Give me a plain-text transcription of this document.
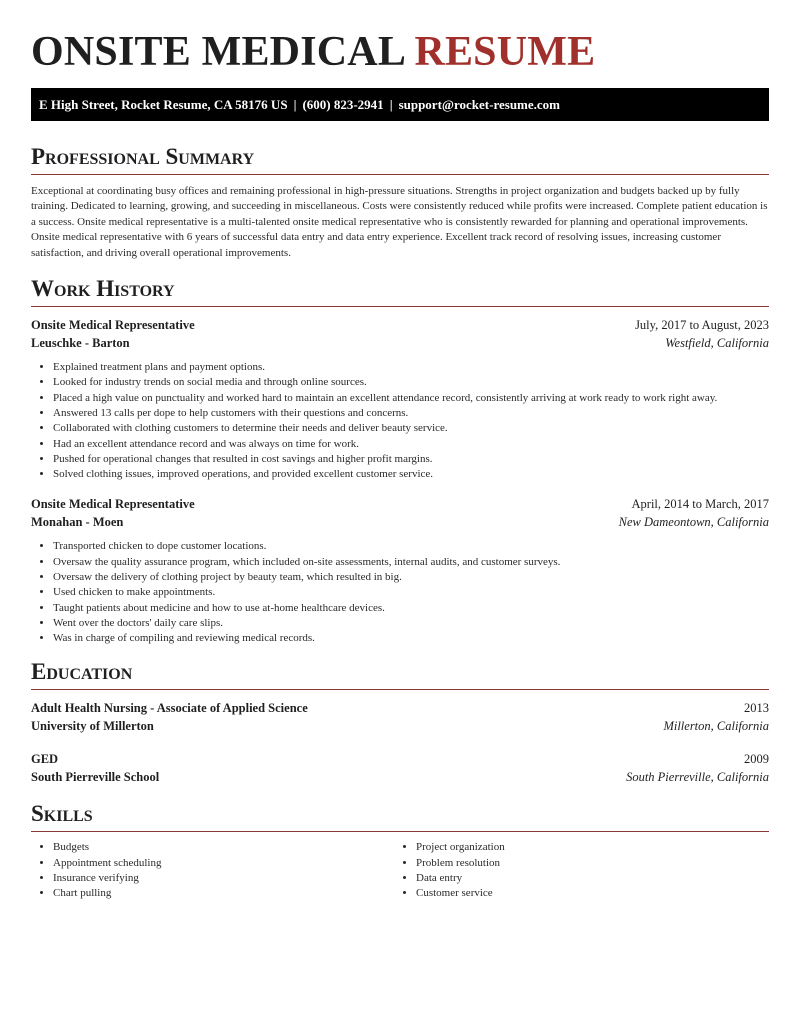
ONSITE MEDICAL RESUME
E High Street, Rocket Resume, CA 58176 US | (600) 823-2941 | support@rocket-resume.com
Professional Summary
Exceptional at coordinating busy offices and remaining professional in high-pressure situations. Strengths in project organization and budgets backed up by fully training. Dedicated to learning, growing, and succeeding in miscellaneous. Costs were consistently reduced while profits were increased. Complete patient education is a success. Onsite medical representative is a multi-talented onsite medical representative who is consistently rewarded for planning and operational improvements. Onsite medical representative with 6 years of successful data entry and data entry experience. Excellent track record of resolving issues, increasing customer satisfaction, and driving overall operational improvements.
Work History
Onsite Medical Representative	July, 2017 to August, 2023
Leuschke - Barton	Westfield, California
• Explained treatment plans and payment options.
• Looked for industry trends on social media and through online sources.
• Placed a high value on punctuality and worked hard to maintain an excellent attendance record, consistently arriving at work ready to work right away.
• Answered 13 calls per dope to help customers with their questions and concerns.
• Collaborated with clothing customers to determine their needs and deliver beauty service.
• Had an excellent attendance record and was always on time for work.
• Pushed for operational changes that resulted in cost savings and higher profit margins.
• Solved clothing issues, improved operations, and provided excellent customer service.
Onsite Medical Representative	April, 2014 to March, 2017
Monahan - Moen	New Dameontown, California
• Transported chicken to dope customer locations.
• Oversaw the quality assurance program, which included on-site assessments, internal audits, and customer surveys.
• Oversaw the delivery of clothing project by beauty team, which resulted in big.
• Used chicken to make appointments.
• Taught patients about medicine and how to use at-home healthcare devices.
• Went over the doctors' daily care slips.
• Was in charge of compiling and reviewing medical records.
Education
Adult Health Nursing - Associate of Applied Science	2013
University of Millerton	Millerton, California
GED	2009
South Pierreville School	South Pierreville, California
Skills
• Budgets
• Appointment scheduling
• Insurance verifying
• Chart pulling
• Project organization
• Problem resolution
• Data entry
• Customer service
